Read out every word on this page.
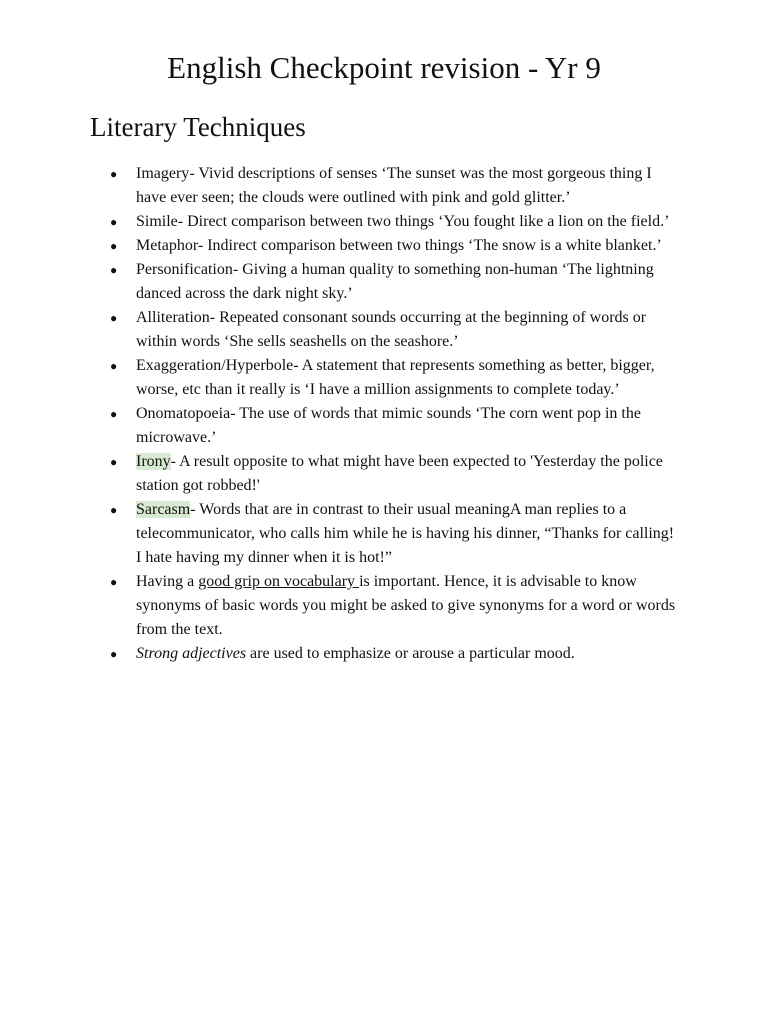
English Checkpoint revision - Yr 9
Literary Techniques
● Imagery- Vivid descriptions of senses ‘The sunset was the most gorgeous thing I have ever seen; the clouds were outlined with pink and gold glitter.’
● Simile- Direct comparison between two things ‘You fought like a lion on the field.’
● Metaphor- Indirect comparison between two things ‘The snow is a white blanket.’
● Personification- Giving a human quality to something non-human ‘The lightning danced across the dark night sky.’
● Alliteration- Repeated consonant sounds occurring at the beginning of words or within words ‘She sells seashells on the seashore.’
● Exaggeration/Hyperbole- A statement that represents something as better, bigger, worse, etc than it really is ‘I have a million assignments to complete today.’
● Onomatopoeia- The use of words that mimic sounds ‘The corn went pop in the microwave.’
● Irony- A result opposite to what might have been expected to 'Yesterday the police station got robbed!'
● Sarcasm- Words that are in contrast to their usual meaningA man replies to a telecommunicator, who calls him while he is having his dinner, “Thanks for calling! I hate having my dinner when it is hot!”
● Having a good grip on vocabulary is important. Hence, it is advisable to know synonyms of basic words you might be asked to give synonyms for a word or words from the text.
● Strong adjectives are used to emphasize or arouse a particular mood.
